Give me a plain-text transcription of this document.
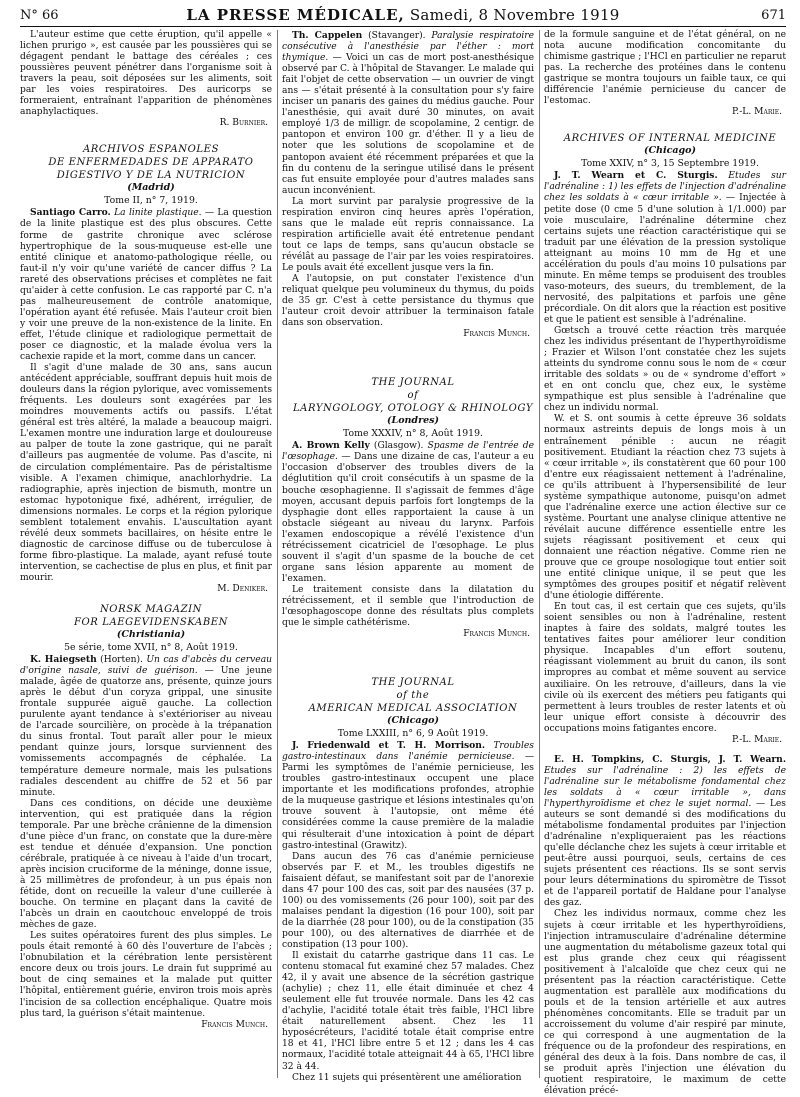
N° 66	LA PRESSE MÉDICALE, Samedi, 8 Novembre 1919	671

L'auteur estime que cette éruption, qu'il appelle « lichen prurigo », est causée par les poussières qui se dégagent pendant le battage des céréales ; ces poussières peuvent pénétrer dans l'organisme soit à travers la peau, soit déposées sur les aliments, soit par les voies respiratoires. Des auricorps se formeraient, entraînant l'apparition de phénomènes anaphylactiques.

R. Burnier.

ARCHIVOS ESPANOLES

DE ENFERMEDADES DE APPARATO

DIGESTIVO Y DE LA NUTRICION

(Madrid)

Tome II, n° 7, 1919.

Santiago Carro. La linite plastique. — La question de la linite plastique est des plus obscures. Cette forme de gastrite chronique avec sclérose hypertrophique de la sous-muqueuse est-elle une entité clinique et anatomo-pathologique réelle, ou faut-il n'y voir qu'une variété de cancer diffus ? La rareté des observations précises et complètes ne fait qu'aider à cette confusion. Le cas rapporté par C. n'a pas malheureusement de contrôle anatomique, l'opération ayant été refusée. Mais l'auteur croit bien y voir une preuve de la non-existence de la linite. En effet, l'étude clinique et radiologique permettait de poser ce diagnostic, et la malade évolua vers la cachexie rapide et la mort, comme dans un cancer.

Il s'agit d'une malade de 30 ans, sans aucun antécédent appréciable, souffrant depuis huit mois de douleurs dans la région pylorique, avec vomissements fréquents. Les douleurs sont exagérées par les moindres mouvements actifs ou passifs. L'état général est très altéré, la malade a beaucoup maigri. L'examen montre une induration large et douloureuse au palper de toute la zone gastrique, qui ne paraît d'ailleurs pas augmentée de volume. Pas d'ascite, ni de circulation complémentaire. Pas de péristaltisme visible. A l'examen chimique, anachlorhydrie. La radiographie, après injection de bismuth, montre un estomac hypotonique fixé, adhérent, irrégulier, de dimensions normales. Le corps et la région pylorique semblent totalement envahis. L'auscultation ayant révélé deux sommets bacillaires, on hésite entre le diagnostic de carcinose diffuse ou de tuberculose à forme fibro-plastique. La malade, ayant refusé toute intervention, se cachectise de plus en plus, et finit par mourir.

M. Deniker.

NORSK MAGAZIN

FOR LAEGEVIDENSKABEN

(Christiania)

5e série, tome XVII, n° 8, Août 1919.

K. Haiegseth (Horten). Un cas d'abcès du cerveau d'origine nasale, suivi de guérison. — Une jeune malade, âgée de quatorze ans, présente, quinze jours après le début d'un coryza grippal, une sinusite frontale suppurée aiguë gauche. La collection purulente ayant tendance à s'extérioriser au niveau de l'arcade sourcilière, on procède à la trépanation du sinus frontal. Tout paraît aller pour le mieux pendant quinze jours, lorsque surviennent des vomissements accompagnés de céphalée. La température demeure normale, mais les pulsations radiales descendent au chiffre de 52 et 56 par minute.

Dans ces conditions, on décide une deuxième intervention, qui est pratiquée dans la région temporale. Par une brèche crânienne de la dimension d'une pièce d'un franc, on constate que la dure-mère est tendue et dénuée d'expansion. Une ponction cérébrale, pratiquée à ce niveau à l'aide d'un trocart, après incision cruciforme de la méninge, donne issue, à 25 millimètres de profondeur, à un pus épais non fétide, dont on recueille la valeur d'une cuillerée à bouche. On termine en plaçant dans la cavité de l'abcès un drain en caoutchouc enveloppé de trois mèches de gaze.

Les suites opératoires furent des plus simples. Le pouls était remonté à 60 dès l'ouverture de l'abcès ; l'obnubilation et la cérébration lente persistèrent encore deux ou trois jours. Le drain fut supprimé au bout de cinq semaines et la malade put quitter l'hôpital, entièrement guérie, environ trois mois après l'incision de sa collection encéphalique. Quatre mois plus tard, la guérison s'était maintenue.

Francis Munch.

Th. Cappelen (Stavanger). Paralysie respiratoire consécutive à l'anesthésie par l'éther : mort thymique. — Voici un cas de mort post-anesthésique observé par C. à l'hôpital de Stavanger. Le malade qui fait l'objet de cette observation — un ouvrier de vingt ans — s'était présenté à la consultation pour s'y faire inciser un panaris des gaines du médius gauche. Pour l'anesthésie, qui avait duré 30 minutes, on avait employé 1/3 de milligr. de scopolamine, 2 centigr. de pantopon et environ 100 gr. d'éther. Il y a lieu de noter que les solutions de scopolamine et de pantopon avaient été récemment préparées et que la fin du contenu de la seringue utilisé dans le présent cas fut ensuite employée pour d'autres malades sans aucun inconvénient.

La mort survint par paralysie progressive de la respiration environ cinq heures après l'opération, sans que le malade eût repris connaissance. La respiration artificielle avait été entretenue pendant tout ce laps de temps, sans qu'aucun obstacle se révélât au passage de l'air par les voies respiratoires. Le pouls avait été excellent jusque vers la fin.

A l'autopsie, on put constater l'existence d'un reliquat quelque peu volumineux du thymus, du poids de 35 gr. C'est à cette persistance du thymus que l'auteur croit devoir attribuer la terminaison fatale dans son observation.

Francis Munch.

THE JOURNAL

of

LARYNGOLOGY, OTOLOGY & RHINOLOGY

(Londres)

Tome XXXIV, n° 8, Août 1919.

A. Brown Kelly (Glasgow). Spasme de l'entrée de l'œsophage. — Dans une dizaine de cas, l'auteur a eu l'occasion d'observer des troubles divers de la déglutition qu'il croit consécutifs à un spasme de la bouche œsophagienne. Il s'agissait de femmes d'âge moyen, accusant depuis parfois fort longtemps de la dysphagie dont elles rapportaient la cause à un obstacle siégeant au niveau du larynx. Parfois l'examen endoscopique a révélé l'existence d'un rétrécissement cicatriciel de l'œsophage. Le plus souvent il s'agit d'un spasme de la bouche de cet organe sans lésion apparente au moment de l'examen.

Le traitement consiste dans la dilatation du rétrécissement, et il semble que l'introduction de l'œsophagoscope donne des résultats plus complets que le simple cathétérisme.

Francis Munch.

THE JOURNAL

of the

AMERICAN MEDICAL ASSOCIATION

(Chicago)

Tome LXXIII, n° 6, 9 Août 1919.

J. Friedenwald et T. H. Morrison. Troubles gastro-intestinaux dans l'anémie pernicieuse. — Parmi les symptômes de l'anémie pernicieuse, les troubles gastro-intestinaux occupent une place importante et les modifications profondes, atrophie de la muqueuse gastrique et lésions intestinales qu'on trouve souvent à l'autopsie, ont même été considérées comme la cause première de la maladie qui résulterait d'une intoxication à point de départ gastro-intestinal (Grawitz).

Dans aucun des 76 cas d'anémie pernicieuse observés par F. et M., les troubles digestifs ne faisaient défaut, se manifestant soit par de l'anorexie dans 47 pour 100 des cas, soit par des nausées (37 p. 100) ou des vomissements (26 pour 100), soit par des malaises pendant la digestion (16 pour 100), soit par de la diarrhée (28 pour 100), ou de la constipation (35 pour 100), ou des alternatives de diarrhée et de constipation (13 pour 100).

Il existait du catarrhe gastrique dans 11 cas. Le contenu stomacal fut examiné chez 57 malades. Chez 42, il y avait une absence de la sécrétion gastrique (achylie) ; chez 11, elle était diminuée et chez 4 seulement elle fut trouvée normale. Dans les 42 cas d'achylie, l'acidité totale était très faible, l'HCl libre était naturellement absent. Chez les 11 hyposécréteurs, l'acidité totale était comprise entre 18 et 41, l'HCl libre entre 5 et 12 ; dans les 4 cas normaux, l'acidité totale atteignait 44 à 65, l'HCl libre 32 à 44.

Chez 11 sujets qui présentèrent une amélioration

de la formule sanguine et de l'état général, on ne nota aucune modification concomitante du chimisme gastrique ; l'HCl en particulier ne reparut pas. La recherche des protéines dans le contenu gastrique se montra toujours un faible taux, ce qui différencie l'anémie pernicieuse du cancer de l'estomac.

P.-L. Marie.

ARCHIVES OF INTERNAL MEDICINE

(Chicago)

Tome XXIV, n° 3, 15 Septembre 1919.

J. T. Wearn et C. Sturgis. Etudes sur l'adrénaline : 1) les effets de l'injection d'adrénaline chez les soldats à « cœur irritable ». — Injectée à petite dose (0 cme 5 d'une solution à 1/1.000) par voie musculaire, l'adrénaline détermine chez certains sujets une réaction caractéristique qui se traduit par une élévation de la pression systolique atteignant au moins 10 mm de Hg et une accélération du pouls d'au moins 10 pulsations par minute. En même temps se produisent des troubles vaso-moteurs, des sueurs, du tremblement, de la nervosité, des palpitations et parfois une gêne précordiale. On dit alors que la réaction est positive et que le patient est sensible à l'adrénaline.

Gœtsch a trouvé cette réaction très marquée chez les individus présentant de l'hyperthyroïdisme ; Frazier et Wilson l'ont constatée chez les sujets atteints du syndrome connu sous le nom de « cœur irritable des soldats » ou de « syndrome d'effort » et en ont conclu que, chez eux, le système sympathique est plus sensible à l'adrénaline que chez un individu normal.

W. et S. ont soumis à cette épreuve 36 soldats normaux astreints depuis de longs mois à un entraînement pénible : aucun ne réagit positivement. Etudiant la réaction chez 73 sujets à « cœur irritable », ils constatèrent que 60 pour 100 d'entre eux réagissaient nettement à l'adrénaline, ce qu'ils attribuent à l'hypersensibilité de leur système sympathique autonome, puisqu'on admet que l'adrénaline exerce une action élective sur ce système. Pourtant une analyse clinique attentive ne révélait aucune différence essentielle entre les sujets réagissant positivement et ceux qui donnaient une réaction négative. Comme rien ne prouve que ce groupe nosologique tout entier soit une entité clinique unique, il se peut que les symptômes des groupes positif et négatif relèvent d'une étiologie différente.

En tout cas, il est certain que ces sujets, qu'ils soient sensibles ou non à l'adrénaline, restent inaptes à faire des soldats, malgré toutes les tentatives faites pour améliorer leur condition physique. Incapables d'un effort soutenu, réagissant violemment au bruit du canon, ils sont impropres au combat et même souvent au service auxiliaire. On les retrouve, d'ailleurs, dans la vie civile où ils exercent des métiers peu fatigants qui permettent à leurs troubles de rester latents et où leur unique effort consiste à découvrir des occupations moins fatigantes encore.

P.-L. Marie.

E. H. Tompkins, C. Sturgis, J. T. Wearn. Etudes sur l'adrénaline : 2) les effets de l'adrénaline sur le métabolisme fondamental chez les soldats à « cœur irritable », dans l'hyperthyroïdisme et chez le sujet normal. — Les auteurs se sont demandé si des modifications du métabolisme fondamental produites par l'injection d'adrénaline n'expliqueraient pas les réactions qu'elle déclanche chez les sujets à cœur irritable et peut-être aussi pourquoi, seuls, certains de ces sujets présentent ces réactions. Ils se sont servis pour leurs déterminations du spiromètre de Tissot et de l'appareil portatif de Haldane pour l'analyse des gaz.

Chez les individus normaux, comme chez les sujets à cœur irritable et les hyperthyroïdiens, l'injection intramusculaire d'adrénaline détermine une augmentation du métabolisme gazeux total qui est plus grande chez ceux qui réagissent positivement à l'alcaloïde que chez ceux qui ne présentent pas la réaction caractéristique. Cette augmentation est parallèle aux modifications du pouls et de la tension artérielle et aux autres phénomènes concomitants. Elle se traduit par un accroissement du volume d'air respiré par minute, ce qui correspond à une augmentation de la fréquence ou de la profondeur des respirations, en général des deux à la fois. Dans nombre de cas, il se produit après l'injection une élévation du quotient respiratoire, le maximum de cette élévation précé-
